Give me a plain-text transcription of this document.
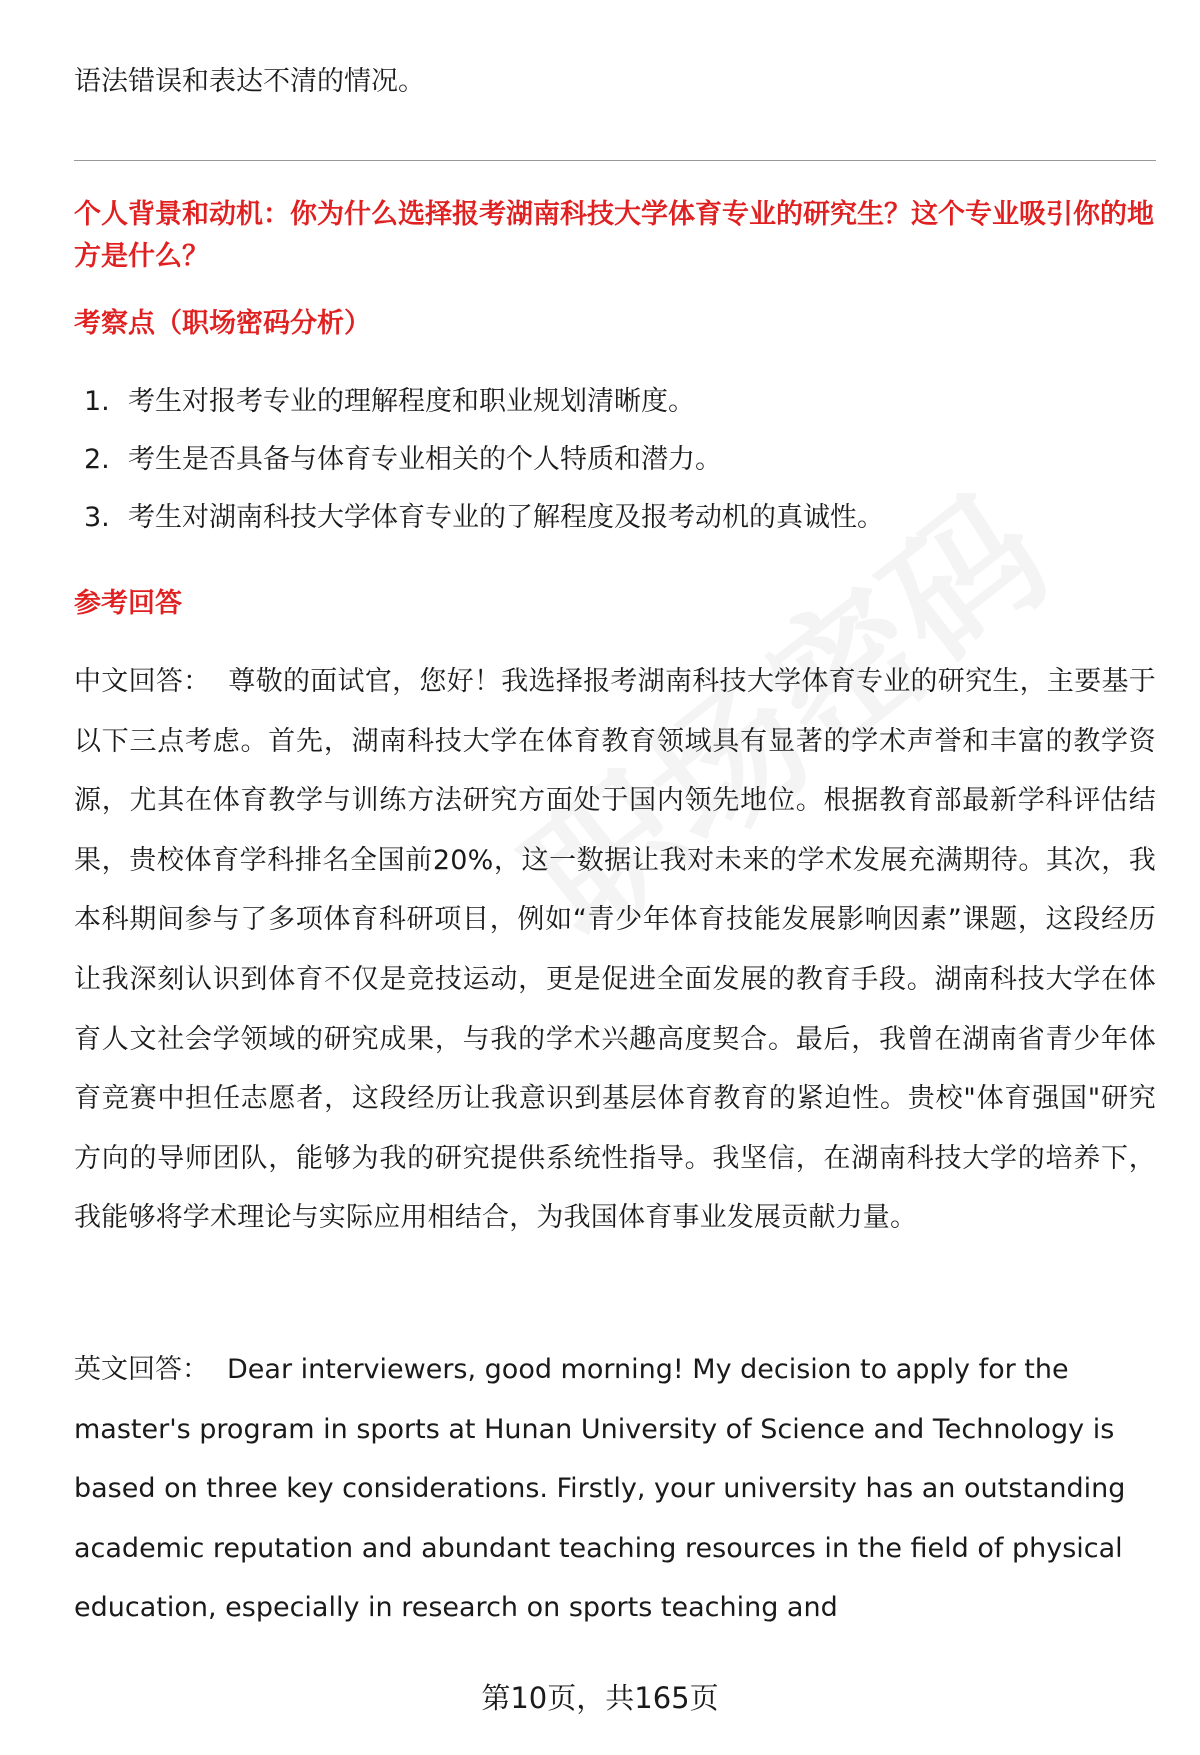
语法错误和表达不清的情况。

个人背景和动机：你为什么选择报考湖南科技大学体育专业的研究生？这个专业吸引你的地方是什么？

考察点（职场密码分析）

1. 考生对报考专业的理解程度和职业规划清晰度。
2. 考生是否具备与体育专业相关的个人特质和潜力。
3. 考生对湖南科技大学体育专业的了解程度及报考动机的真诚性。

参考回答

中文回答： 尊敬的面试官，您好！我选择报考湖南科技大学体育专业的研究生，主要基于以下三点考虑。首先，湖南科技大学在体育教育领域具有显著的学术声誉和丰富的教学资源，尤其在体育教学与训练方法研究方面处于国内领先地位。根据教育部最新学科评估结果，贵校体育学科排名全国前20%，这一数据让我对未来的学术发展充满期待。其次，我本科期间参与了多项体育科研项目，例如“青少年体育技能发展影响因素”课题，这段经历让我深刻认识到体育不仅是竞技运动，更是促进全面发展的教育手段。湖南科技大学在体育人文社会学领域的研究成果，与我的学术兴趣高度契合。最后，我曾在湖南省青少年体育竞赛中担任志愿者，这段经历让我意识到基层体育教育的紧迫性。贵校"体育强国"研究方向的导师团队，能够为我的研究提供系统性指导。我坚信，在湖南科技大学的培养下，我能够将学术理论与实际应用相结合，为我国体育事业发展贡献力量。

英文回答： Dear interviewers, good morning! My decision to apply for the master's program in sports at Hunan University of Science and Technology is based on three key considerations. Firstly, your university has an outstanding academic reputation and abundant teaching resources in the field of physical education, especially in research on sports teaching and

第10页，共165页
